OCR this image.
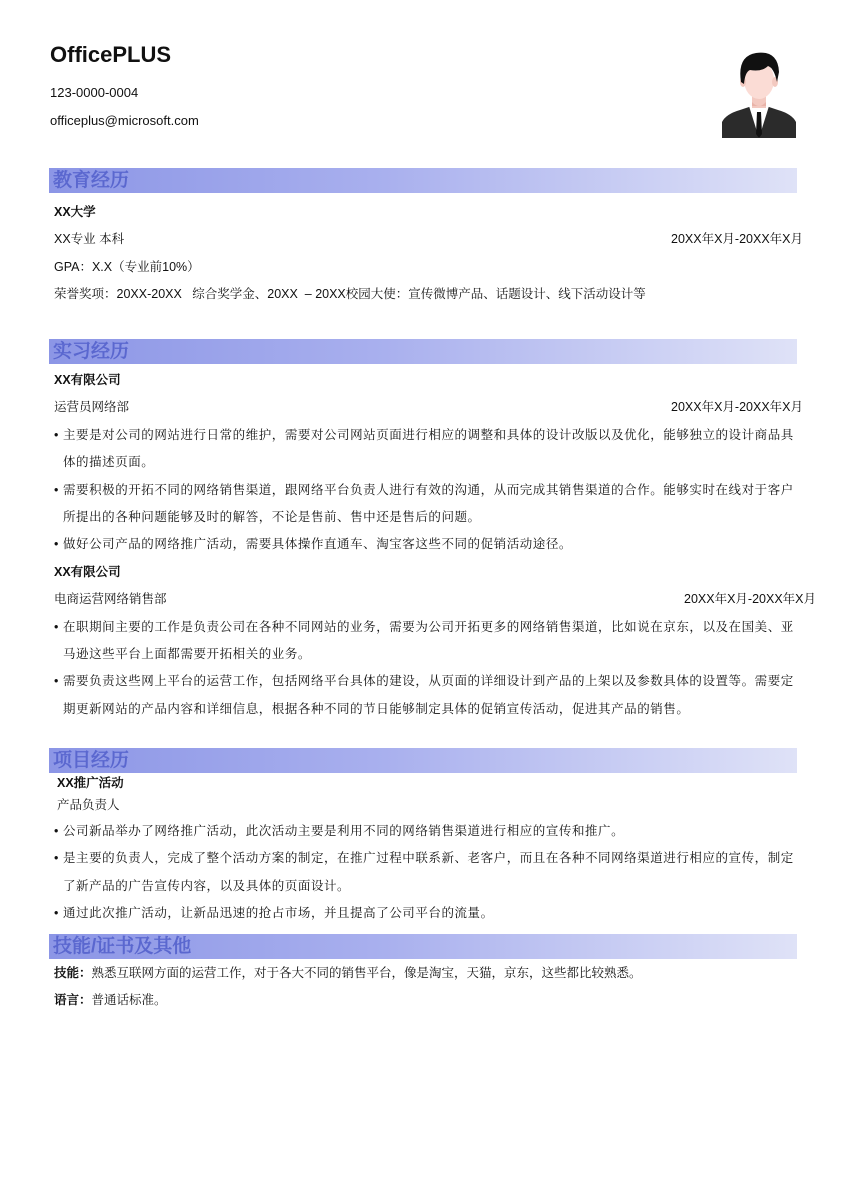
OfficePLUS
123-0000-0004
officeplus@microsoft.com
教育经历
XX大学
XX专业 本科	20XX年X月-20XX年X月
GPA：X.X（专业前10%）
荣誉奖项：20XX-20XX   综合奖学金、20XX  – 20XX校园大使：宣传微博产品、话题设计、线下活动设计等
实习经历
XX有限公司
运营员网络部	20XX年X月-20XX年X月
• 主要是对公司的网站进行日常的维护，需要对公司网站页面进行相应的调整和具体的设计改版以及优化，能够独立的设计商品具体的描述页面。
• 需要积极的开拓不同的网络销售渠道，跟网络平台负责人进行有效的沟通，从而完成其销售渠道的合作。能够实时在线对于客户所提出的各种问题能够及时的解答，不论是售前、售中还是售后的问题。
• 做好公司产品的网络推广活动，需要具体操作直通车、淘宝客这些不同的促销活动途径。
XX有限公司
电商运营网络销售部	20XX年X月-20XX年X月
• 在职期间主要的工作是负责公司在各种不同网站的业务，需要为公司开拓更多的网络销售渠道，比如说在京东，以及在国美、亚马逊这些平台上面都需要开拓相关的业务。
• 需要负责这些网上平台的运营工作，包括网络平台具体的建设，从页面的详细设计到产品的上架以及参数具体的设置等。需要定期更新网站的产品内容和详细信息，根据各种不同的节日能够制定具体的促销宣传活动，促进其产品的销售。
项目经历
XX推广活动
产品负责人
• 公司新品举办了网络推广活动，此次活动主要是利用不同的网络销售渠道进行相应的宣传和推广。
• 是主要的负责人，完成了整个活动方案的制定，在推广过程中联系新、老客户，而且在各种不同网络渠道进行相应的宣传，制定了新产品的广告宣传内容，以及具体的页面设计。
• 通过此次推广活动，让新品迅速的抢占市场，并且提高了公司平台的流量。
技能/证书及其他
技能：熟悉互联网方面的运营工作，对于各大不同的销售平台，像是淘宝，天猫，京东，这些都比较熟悉。
语言：普通话标准。
